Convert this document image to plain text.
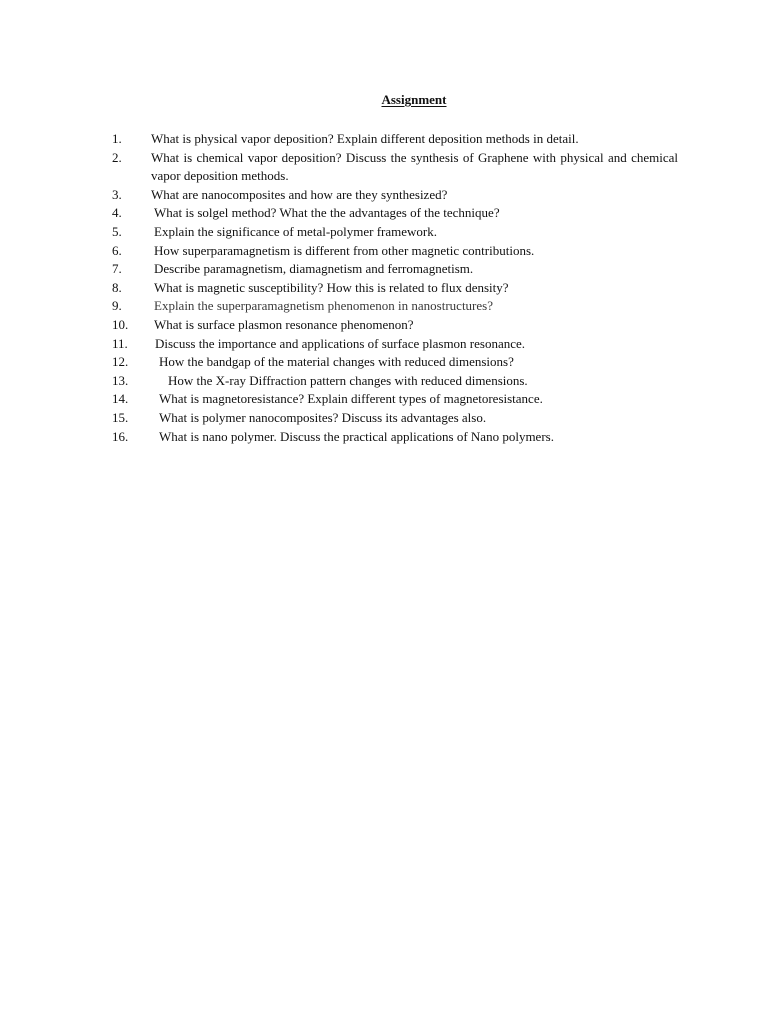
Assignment
1.	What is physical vapor deposition? Explain different deposition methods in detail.
2.	What is chemical vapor deposition? Discuss the synthesis of Graphene with physical and chemical vapor deposition methods.
3.	What are nanocomposites and how are they synthesized?
4.	What is solgel method? What the the advantages of the technique?
5.	Explain the significance of metal-polymer framework.
6.	How superparamagnetism is different from other magnetic contributions.
7.	Describe paramagnetism, diamagnetism and ferromagnetism.
8.	What is magnetic susceptibility? How this is related to flux density?
9.	Explain the superparamagnetism phenomenon in nanostructures?
10.	What is surface plasmon resonance phenomenon?
11.	Discuss the importance and applications of surface plasmon resonance.
12.	How the bandgap of the material changes with reduced dimensions?
13.	How the X-ray Diffraction pattern changes with reduced dimensions.
14.	What is magnetoresistance? Explain different types of magnetoresistance.
15.	What is polymer nanocomposites? Discuss its advantages also.
16.	What is nano polymer. Discuss the practical applications of Nano polymers.
